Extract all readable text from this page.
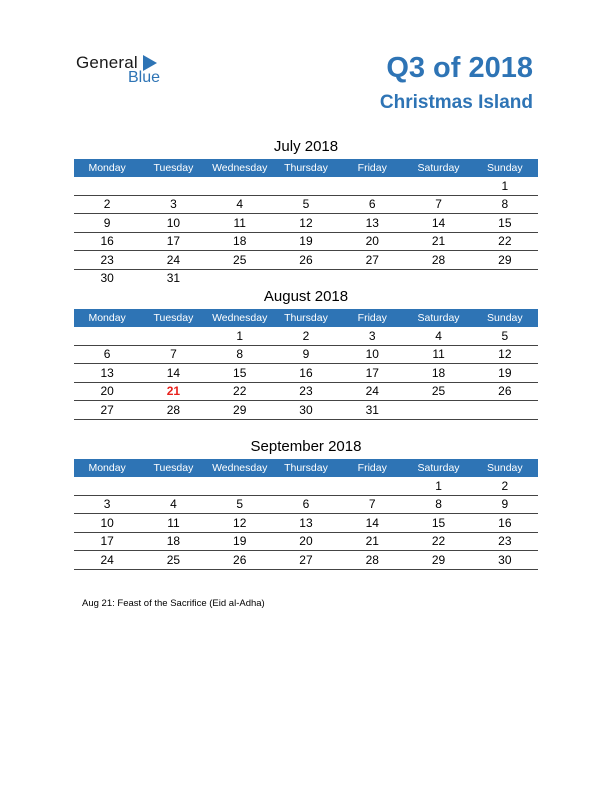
General
Blue	Q3 of 2018
Christmas Island
July 2018
Monday	Tuesday	Wednesday	Thursday	Friday	Saturday	Sunday
						1
2	3	4	5	6	7	8
9	10	11	12	13	14	15
16	17	18	19	20	21	22
23	24	25	26	27	28	29
30	31					
August 2018
Monday	Tuesday	Wednesday	Thursday	Friday	Saturday	Sunday
		1	2	3	4	5
6	7	8	9	10	11	12
13	14	15	16	17	18	19
20	21	22	23	24	25	26
27	28	29	30	31		
September 2018
Monday	Tuesday	Wednesday	Thursday	Friday	Saturday	Sunday
					1	2
3	4	5	6	7	8	9
10	11	12	13	14	15	16
17	18	19	20	21	22	23
24	25	26	27	28	29	30
Aug 21: Feast of the Sacrifice (Eid al-Adha)
